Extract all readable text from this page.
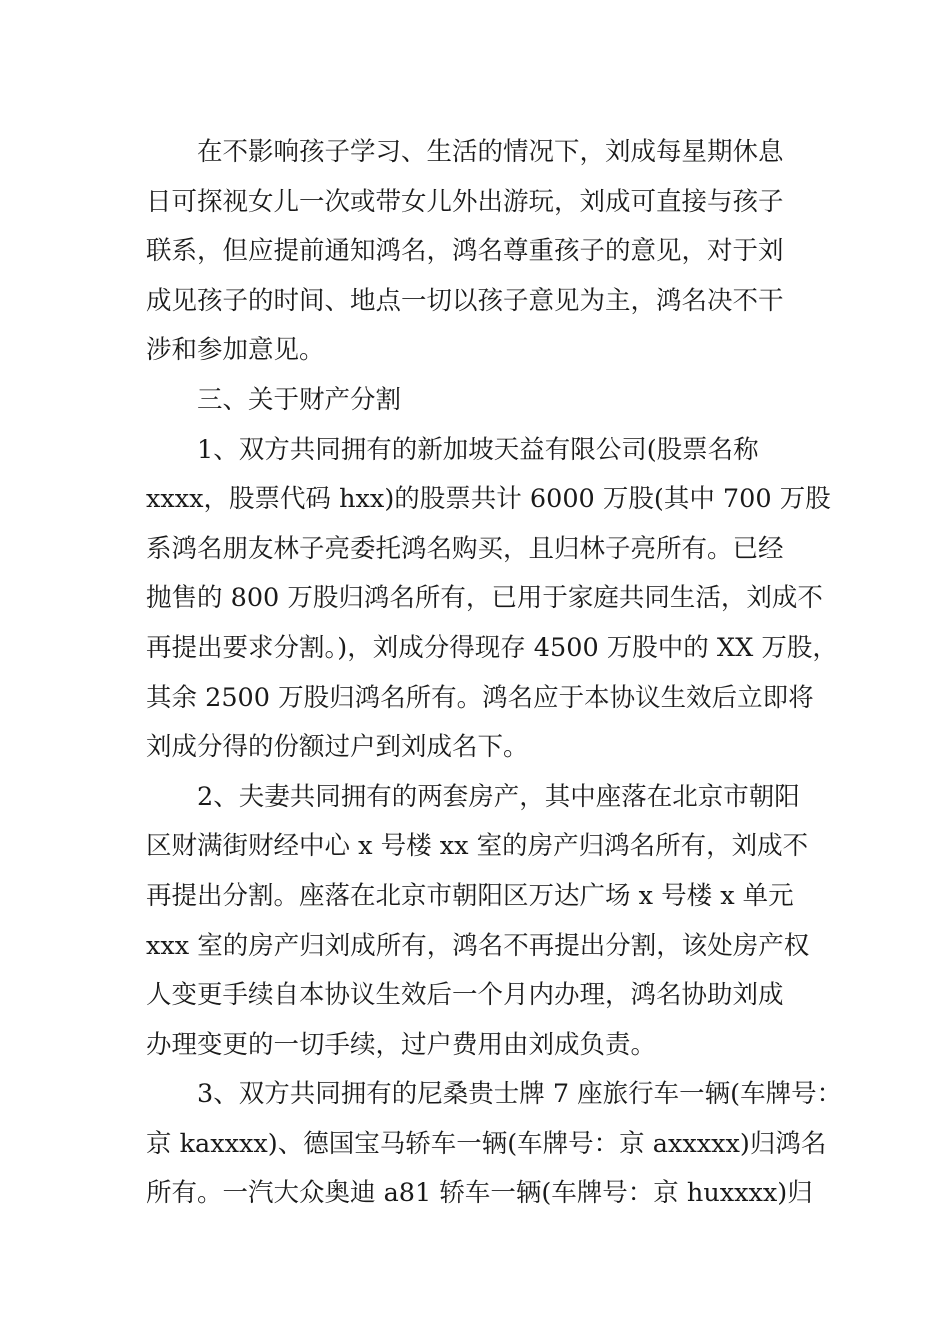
　　在不影响孩子学习、生活的情况下，刘成每星期休息
日可探视女儿一次或带女儿外出游玩，刘成可直接与孩子
联系，但应提前通知鸿名，鸿名尊重孩子的意见，对于刘
成见孩子的时间、地点一切以孩子意见为主，鸿名决不干
涉和参加意见。
　　三、关于财产分割
　　1、双方共同拥有的新加坡天益有限公司(股票名称
xxxx，股票代码 hxx)的股票共计 6000 万股(其中 700 万股
系鸿名朋友林子亮委托鸿名购买，且归林子亮所有。已经
抛售的 800 万股归鸿名所有，已用于家庭共同生活，刘成不
再提出要求分割。)，刘成分得现存 4500 万股中的 XX 万股，
其余 2500 万股归鸿名所有。鸿名应于本协议生效后立即将
刘成分得的份额过户到刘成名下。
　　2、夫妻共同拥有的两套房产，其中座落在北京市朝阳
区财满街财经中心 x 号楼 xx 室的房产归鸿名所有，刘成不
再提出分割。座落在北京市朝阳区万达广场 x 号楼 x 单元
xxx 室的房产归刘成所有，鸿名不再提出分割，该处房产权
人变更手续自本协议生效后一个月内办理，鸿名协助刘成
办理变更的一切手续，过户费用由刘成负责。
　　3、双方共同拥有的尼桑贵士牌 7 座旅行车一辆(车牌号：
京 kaxxxx)、德国宝马轿车一辆(车牌号：京 axxxxx)归鸿名
所有。一汽大众奥迪 a81 轿车一辆(车牌号：京 huxxxx)归
